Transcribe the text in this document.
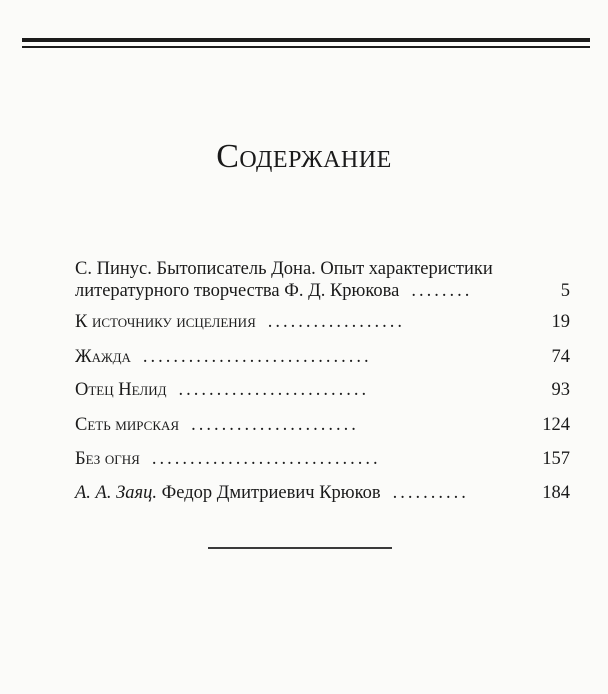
Содержание
С. Пинус. Бытописатель Дона. Опыт характеристики
литературного творчества Ф. Д. Крюкова ........	5
К источнику исцеления ..................	19
Жажда ..............................	74
Отец Нелид .........................	93
Сеть мирская ......................	124
Без огня ..............................	157
А. А. Заяц. Федор Дмитриевич Крюков ..........	184
